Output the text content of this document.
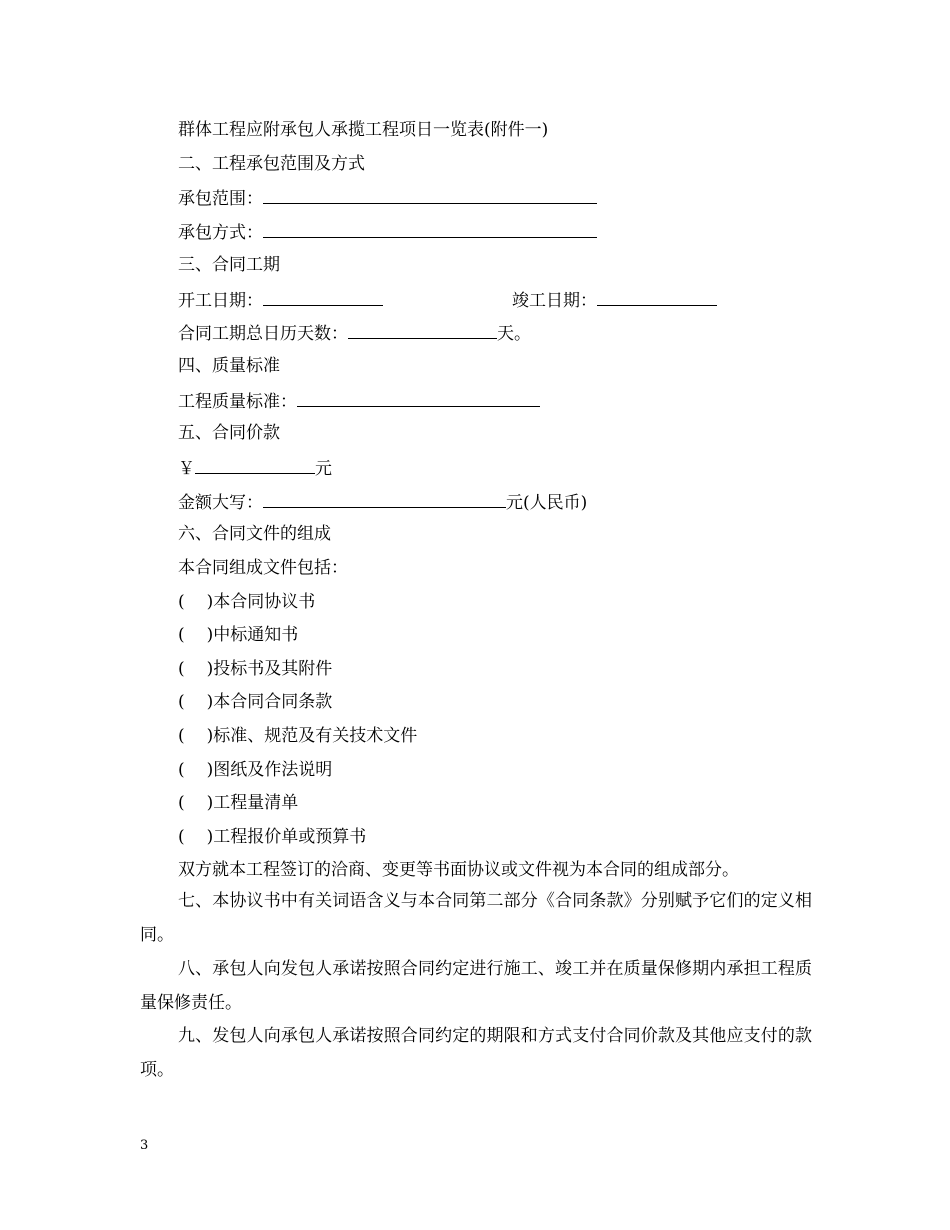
群体工程应附承包人承揽工程项日一览表(附件一)
二、工程承包范围及方式
承包范围：
承包方式：
三、合同工期
开工日期：	竣工日期：
合同工期总日历天数：	天。
四、质量标准
工程质量标准：
五、合同价款
￥	元
金额大写：	元(人民币)
六、合同文件的组成
本合同组成文件包括：
( )本合同协议书
( )中标通知书
( )投标书及其附件
( )本合同合同条款
( )标准、规范及有关技术文件
( )图纸及作法说明
( )工程量清单
( )工程报价单或预算书
双方就本工程签订的洽商、变更等书面协议或文件视为本合同的组成部分。
七、本协议书中有关词语含义与本合同第二部分《合同条款》分别赋予它们的定义相同。
八、承包人向发包人承诺按照合同约定进行施工、竣工并在质量保修期内承担工程质量保修责任。
九、发包人向承包人承诺按照合同约定的期限和方式支付合同价款及其他应支付的款项。
3
